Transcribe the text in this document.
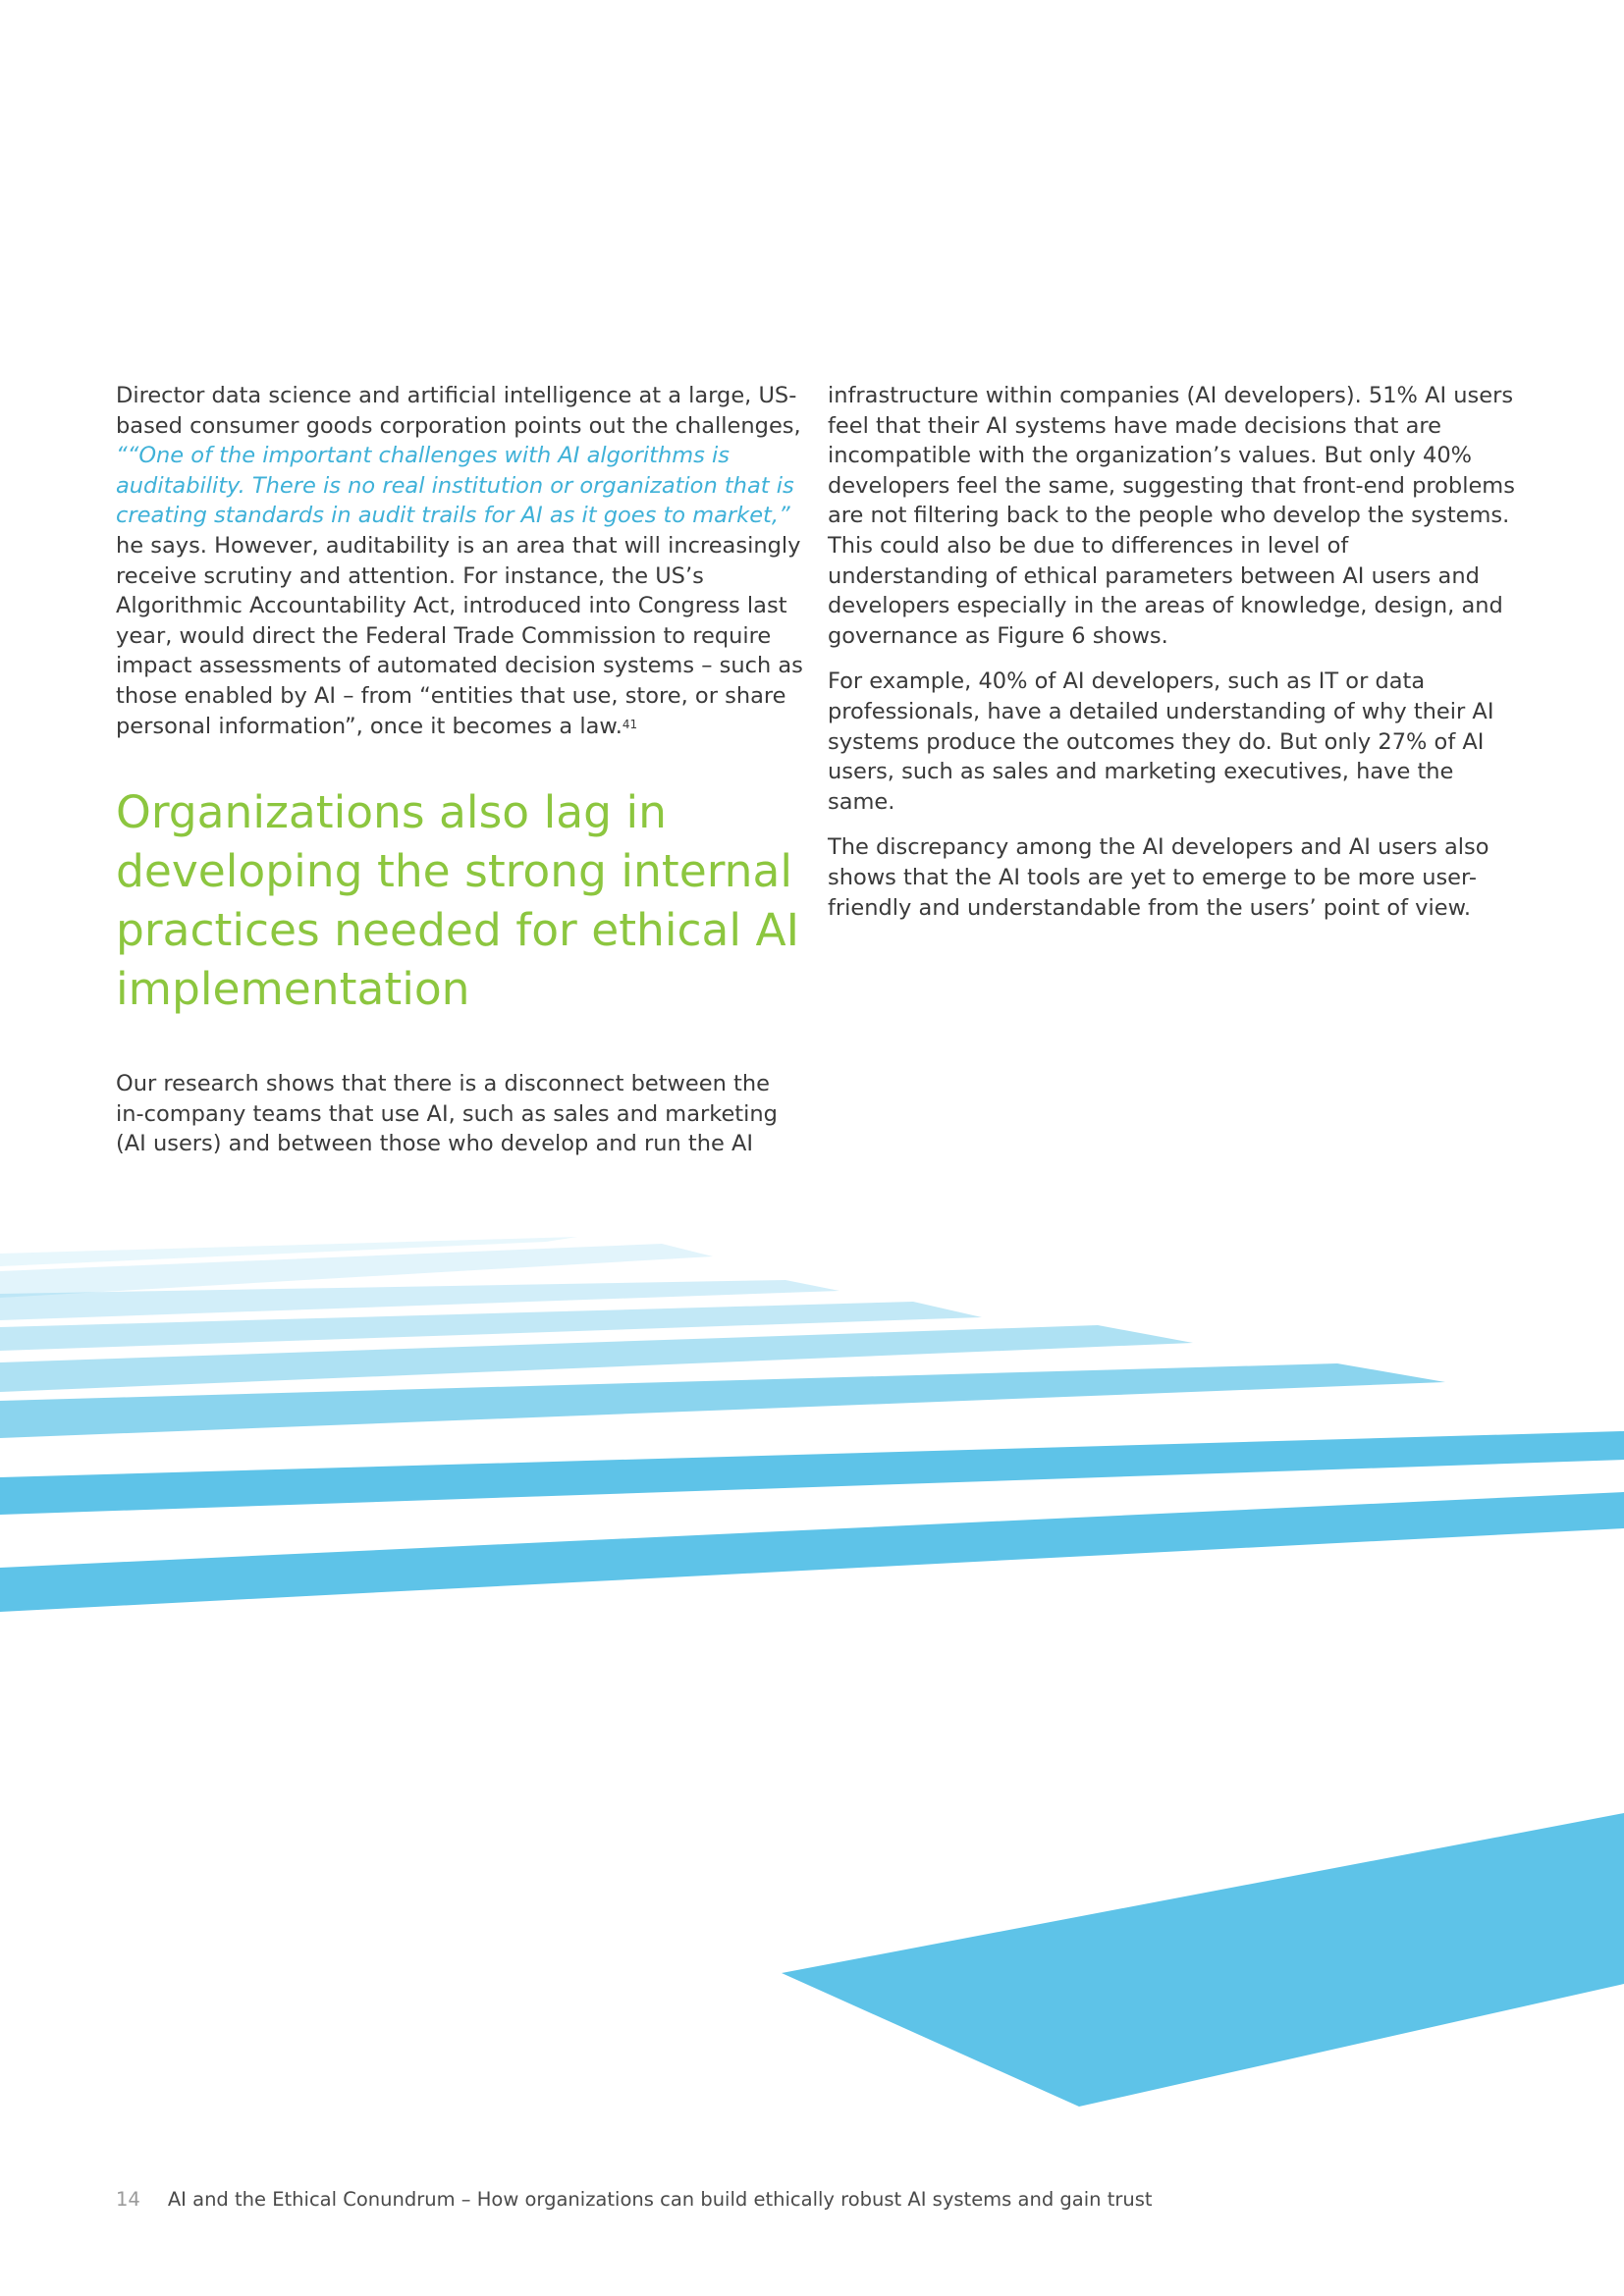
Director data science and artificial intelligence at a large, US-based consumer goods corporation points out the challenges, ““One of the important challenges with AI algorithms is auditability. There is no real institution or organization that is creating standards in audit trails for AI as it goes to market,” he says. However, auditability is an area that will increasingly receive scrutiny and attention. For instance, the US’s Algorithmic Accountability Act, introduced into Congress last year, would direct the Federal Trade Commission to require impact assessments of automated decision systems – such as those enabled by AI – from “entities that use, store, or share personal information”, once it becomes a law.$^{41}$

Organizations also lag in developing the strong internal practices needed for ethical AI implementation

Our research shows that there is a disconnect between the in-company teams that use AI, such as sales and marketing (AI users) and between those who develop and run the AI

infrastructure within companies (AI developers). 51% AI users feel that their AI systems have made decisions that are incompatible with the organization’s values. But only 40% developers feel the same, suggesting that front-end problems are not filtering back to the people who develop the systems. This could also be due to differences in level of understanding of ethical parameters between AI users and developers especially in the areas of knowledge, design, and governance as Figure 6 shows.

For example, 40% of AI developers, such as IT or data professionals, have a detailed understanding of why their AI systems produce the outcomes they do. But only 27% of AI users, such as sales and marketing executives, have the same.

The discrepancy among the AI developers and AI users also shows that the AI tools are yet to emerge to be more user-friendly and understandable from the users’ point of view.

14 AI and the Ethical Conundrum – How organizations can build ethically robust AI systems and gain trust
